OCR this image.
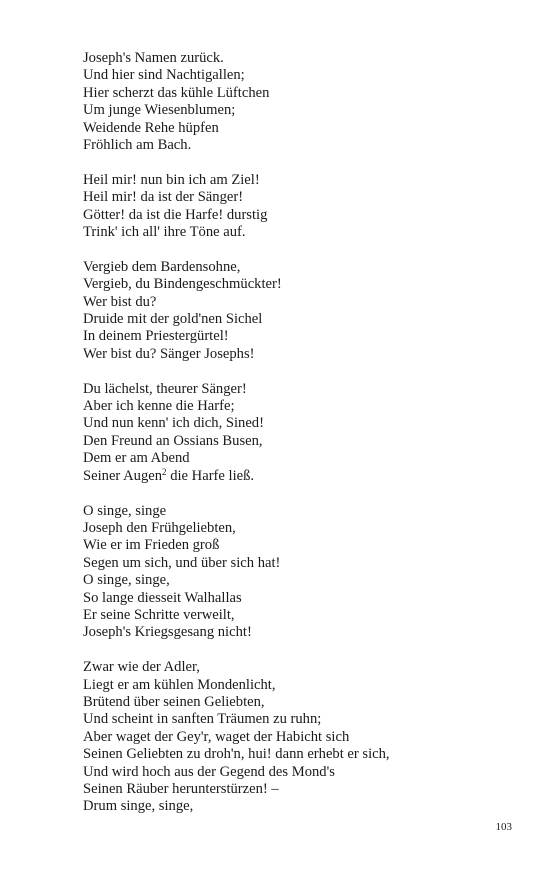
Joseph's Namen zurück.
Und hier sind Nachtigallen;
Hier scherzt das kühle Lüftchen
Um junge Wiesenblumen;
Weidende Rehe hüpfen
Fröhlich am Bach.
Heil mir! nun bin ich am Ziel!
Heil mir! da ist der Sänger!
Götter! da ist die Harfe! durstig
Trink' ich all' ihre Töne auf.
Vergieb dem Bardensohne,
Vergieb, du Bindengeschmückter!
Wer bist du?
Druide mit der gold'nen Sichel
In deinem Priestergürtel!
Wer bist du? Sänger Josephs!
Du lächelst, theurer Sänger!
Aber ich kenne die Harfe;
Und nun kenn' ich dich, Sined!
Den Freund an Ossians Busen,
Dem er am Abend
Seiner Augen$^2$ die Harfe ließ.
O singe, singe
Joseph den Frühgeliebten,
Wie er im Frieden groß
Segen um sich, und über sich hat!
O singe, singe,
So lange diesseit Walhallas
Er seine Schritte verweilt,
Joseph's Kriegsgesang nicht!
Zwar wie der Adler,
Liegt er am kühlen Mondenlicht,
Brütend über seinen Geliebten,
Und scheint in sanften Träumen zu ruhn;
Aber waget der Gey'r, waget der Habicht sich
Seinen Geliebten zu droh'n, hui! dann erhebt er sich,
Und wird hoch aus der Gegend des Mond's
Seinen Räuber herunterstürzen! –
Drum singe, singe,
103
